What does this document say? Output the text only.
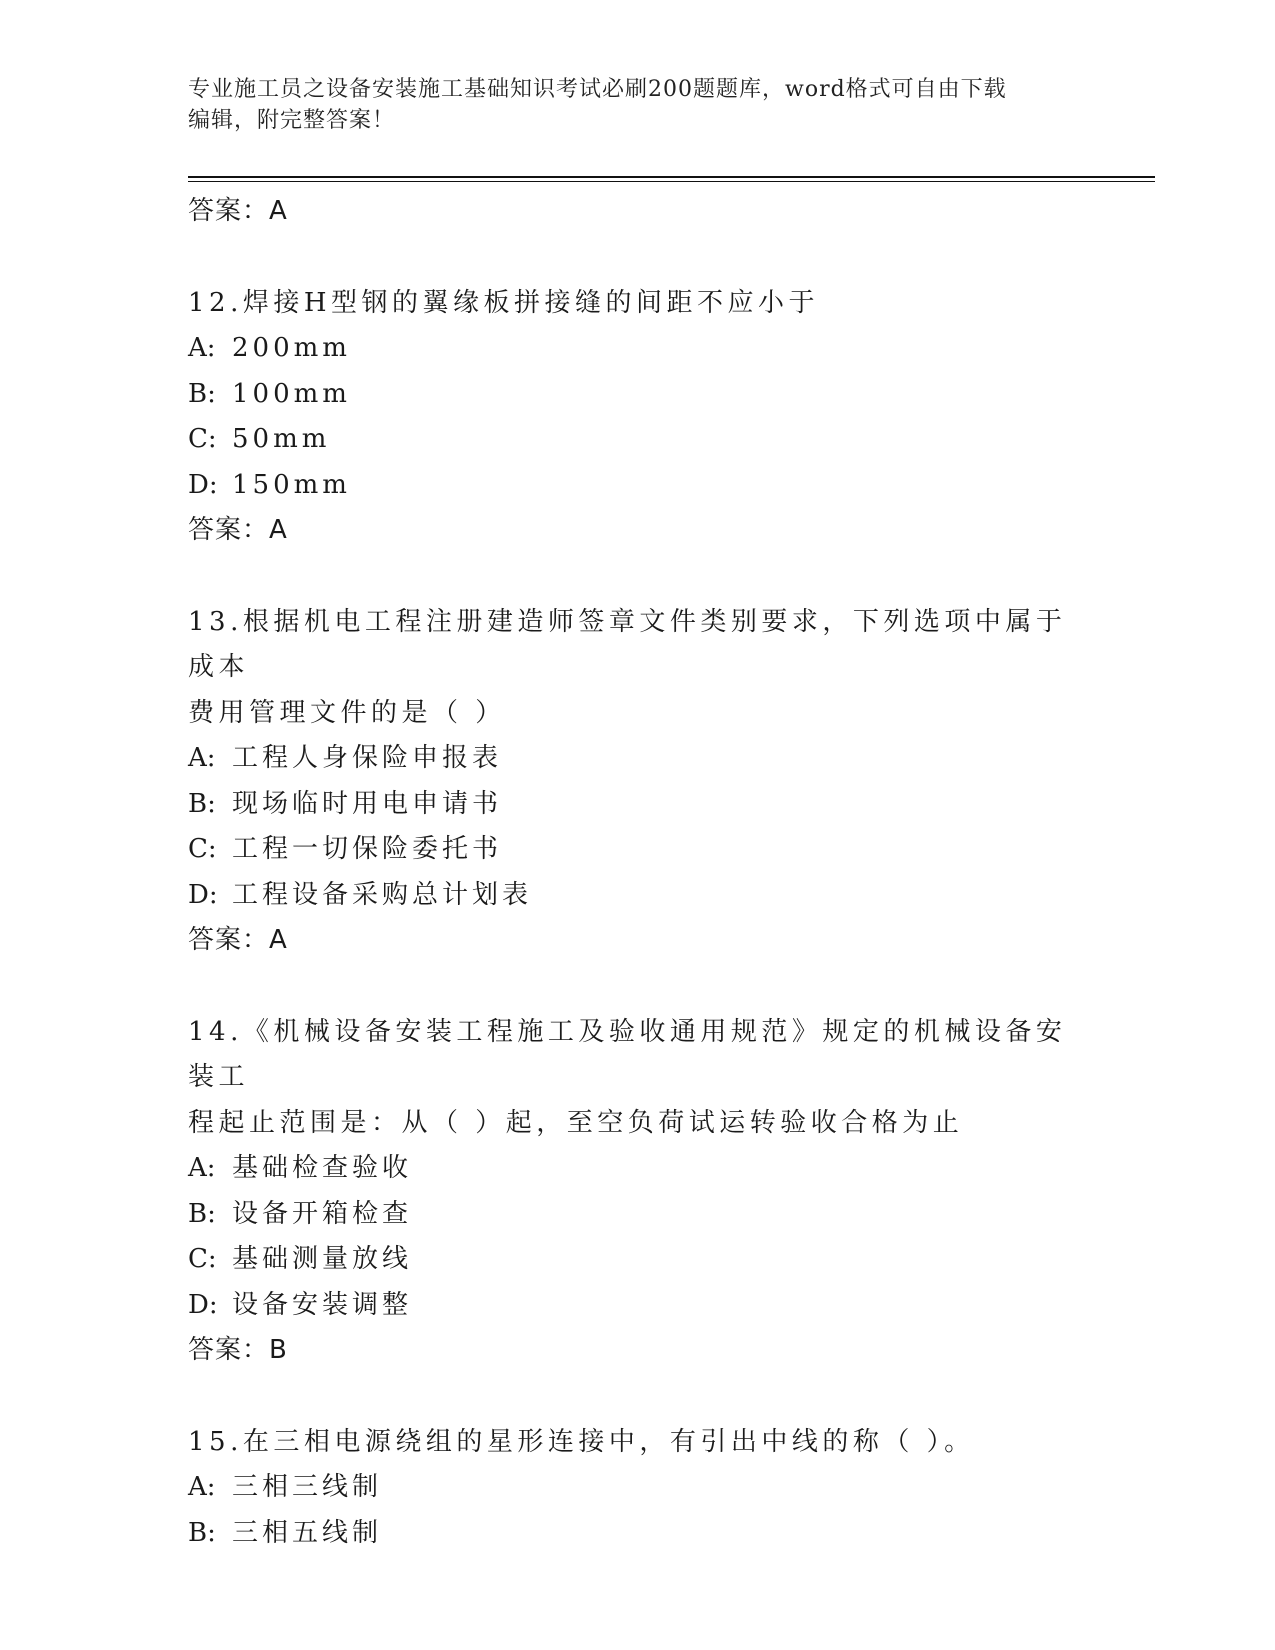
专业施工员之设备安装施工基础知识考试必刷200题题库，word格式可自由下载
编辑，附完整答案！
答案：A
12.焊接H型钢的翼缘板拼接缝的间距不应小于
A: 200mm
B: 100mm
C: 50mm
D: 150mm
答案：A
13.根据机电工程注册建造师签章文件类别要求，下列选项中属于成本
费用管理文件的是（ ）
A: 工程人身保险申报表
B: 现场临时用电申请书
C: 工程一切保险委托书
D: 工程设备采购总计划表
答案：A
14.《机械设备安装工程施工及验收通用规范》规定的机械设备安装工
程起止范围是：从（ ）起，至空负荷试运转验收合格为止
A: 基础检查验收
B: 设备开箱检查
C: 基础测量放线
D: 设备安装调整
答案：B
15.在三相电源绕组的星形连接中，有引出中线的称（ ）。
A: 三相三线制
B: 三相五线制
